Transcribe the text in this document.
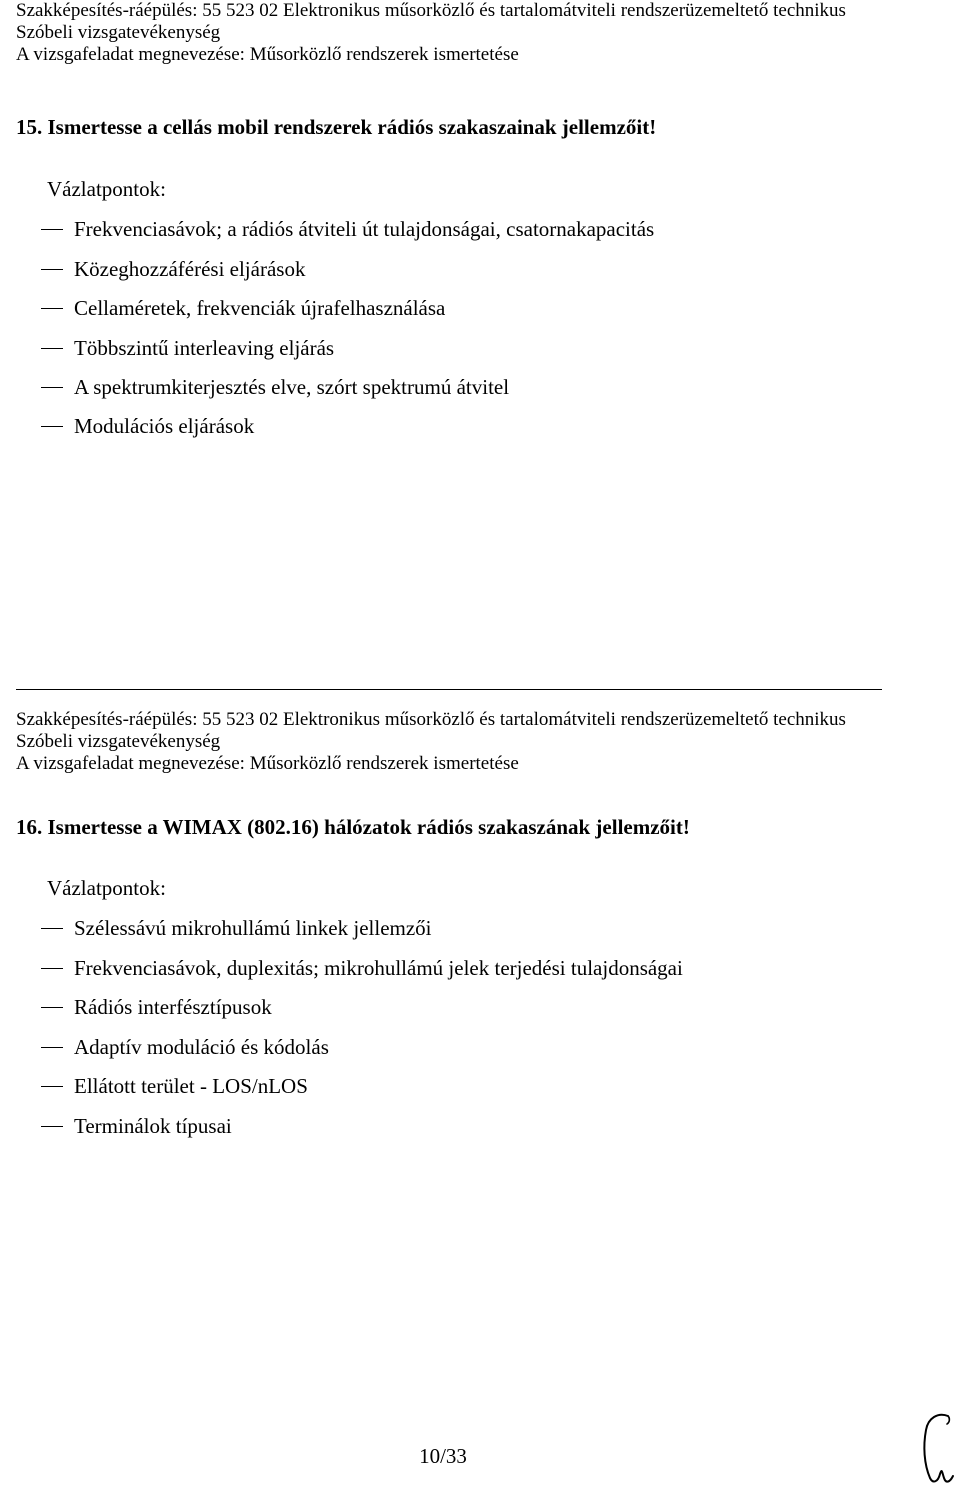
Szakképesítés-ráépülés: 55 523 02 Elektronikus műsorközlő és tartalomátviteli rendszerüzemeltető technikus
Szóbeli vizsgatevékenység
A vizsgafeladat megnevezése: Műsorközlő rendszerek ismertetése
15. Ismertesse a cellás mobil rendszerek rádiós szakaszainak jellemzőit!
Vázlatpontok:
Frekvenciasávok; a rádiós átviteli út tulajdonságai, csatornakapacitás
Közeghozzáférési eljárások
Cellaméretek, frekvenciák újrafelhasználása
Többszintű interleaving eljárás
A spektrumkiterjesztés elve, szórt spektrumú átvitel
Modulációs eljárások
Szakképesítés-ráépülés: 55 523 02 Elektronikus műsorközlő és tartalomátviteli rendszerüzemeltető technikus
Szóbeli vizsgatevékenység
A vizsgafeladat megnevezése: Műsorközlő rendszerek ismertetése
16. Ismertesse a WIMAX (802.16) hálózatok rádiós szakaszának jellemzőit!
Vázlatpontok:
Szélessávú mikrohullámú linkek jellemzői
Frekvenciasávok, duplexitás; mikrohullámú jelek terjedési tulajdonságai
Rádiós interfésztípusok
Adaptív moduláció és kódolás
Ellátott terület - LOS/nLOS
Terminálok típusai
10/33
